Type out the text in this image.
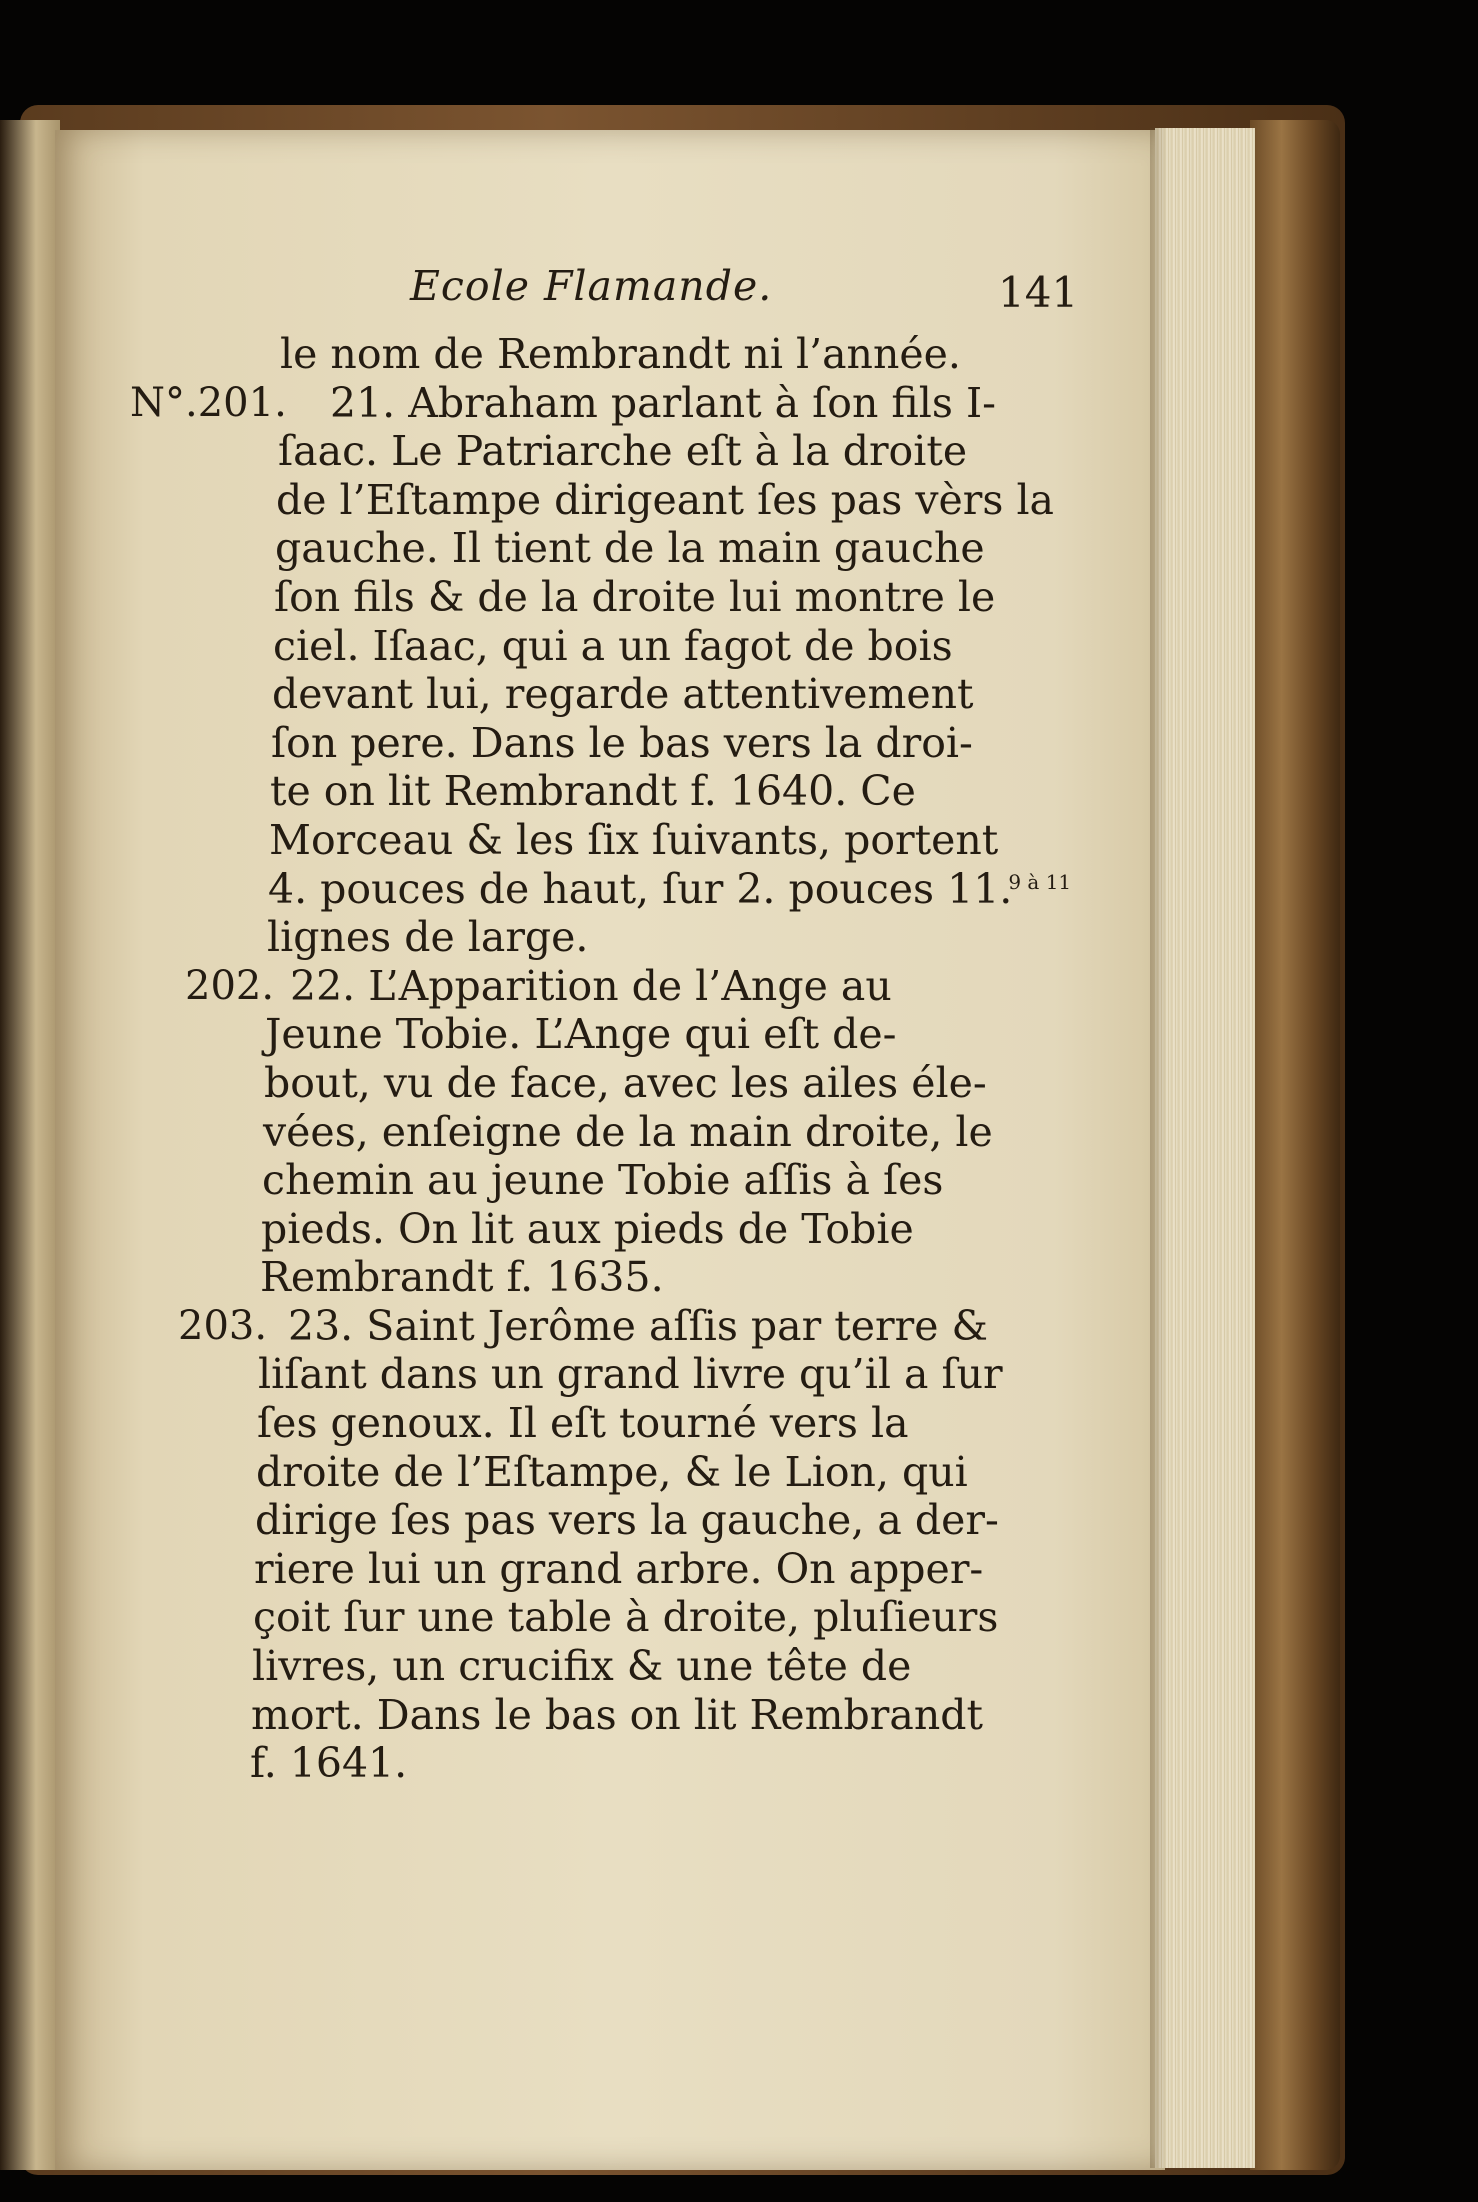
Ecole Flamande.	141
le nom de Rembrandt ni l’année.
N°.201. 21. Abraham parlant à ſon fils I-
ſaac. Le Patriarche eſt à la droite
de l’Eſtampe dirigeant ſes pas vèrs la
gauche. Il tient de la main gauche
ſon fils & de la droite lui montre le
ciel. Iſaac, qui a un fagot de bois
devant lui, regarde attentivement
ſon pere. Dans le bas vers la droi-
te on lit Rembrandt f. 1640. Ce
Morceau & les ſix ſuivants, portent
4. pouces de haut, ſur 2. pouces 11.$^{9 à 11}$
lignes de large.
202. 22. L’Apparition de l’Ange au
Jeune Tobie. L’Ange qui eſt de-
bout, vu de face, avec les ailes éle-
vées, enſeigne de la main droite, le
chemin au jeune Tobie aſſis à ſes
pieds. On lit aux pieds de Tobie
Rembrandt f. 1635.
203. 23. Saint Jerôme aſſis par terre &
liſant dans un grand livre qu’il a ſur
ſes genoux. Il eſt tourné vers la
droite de l’Eſtampe, & le Lion, qui
dirige ſes pas vers la gauche, a der-
riere lui un grand arbre. On apper-
çoit ſur une table à droite, pluſieurs
livres, un crucifix & une tête de
mort. Dans le bas on lit Rembrandt
f. 1641.
